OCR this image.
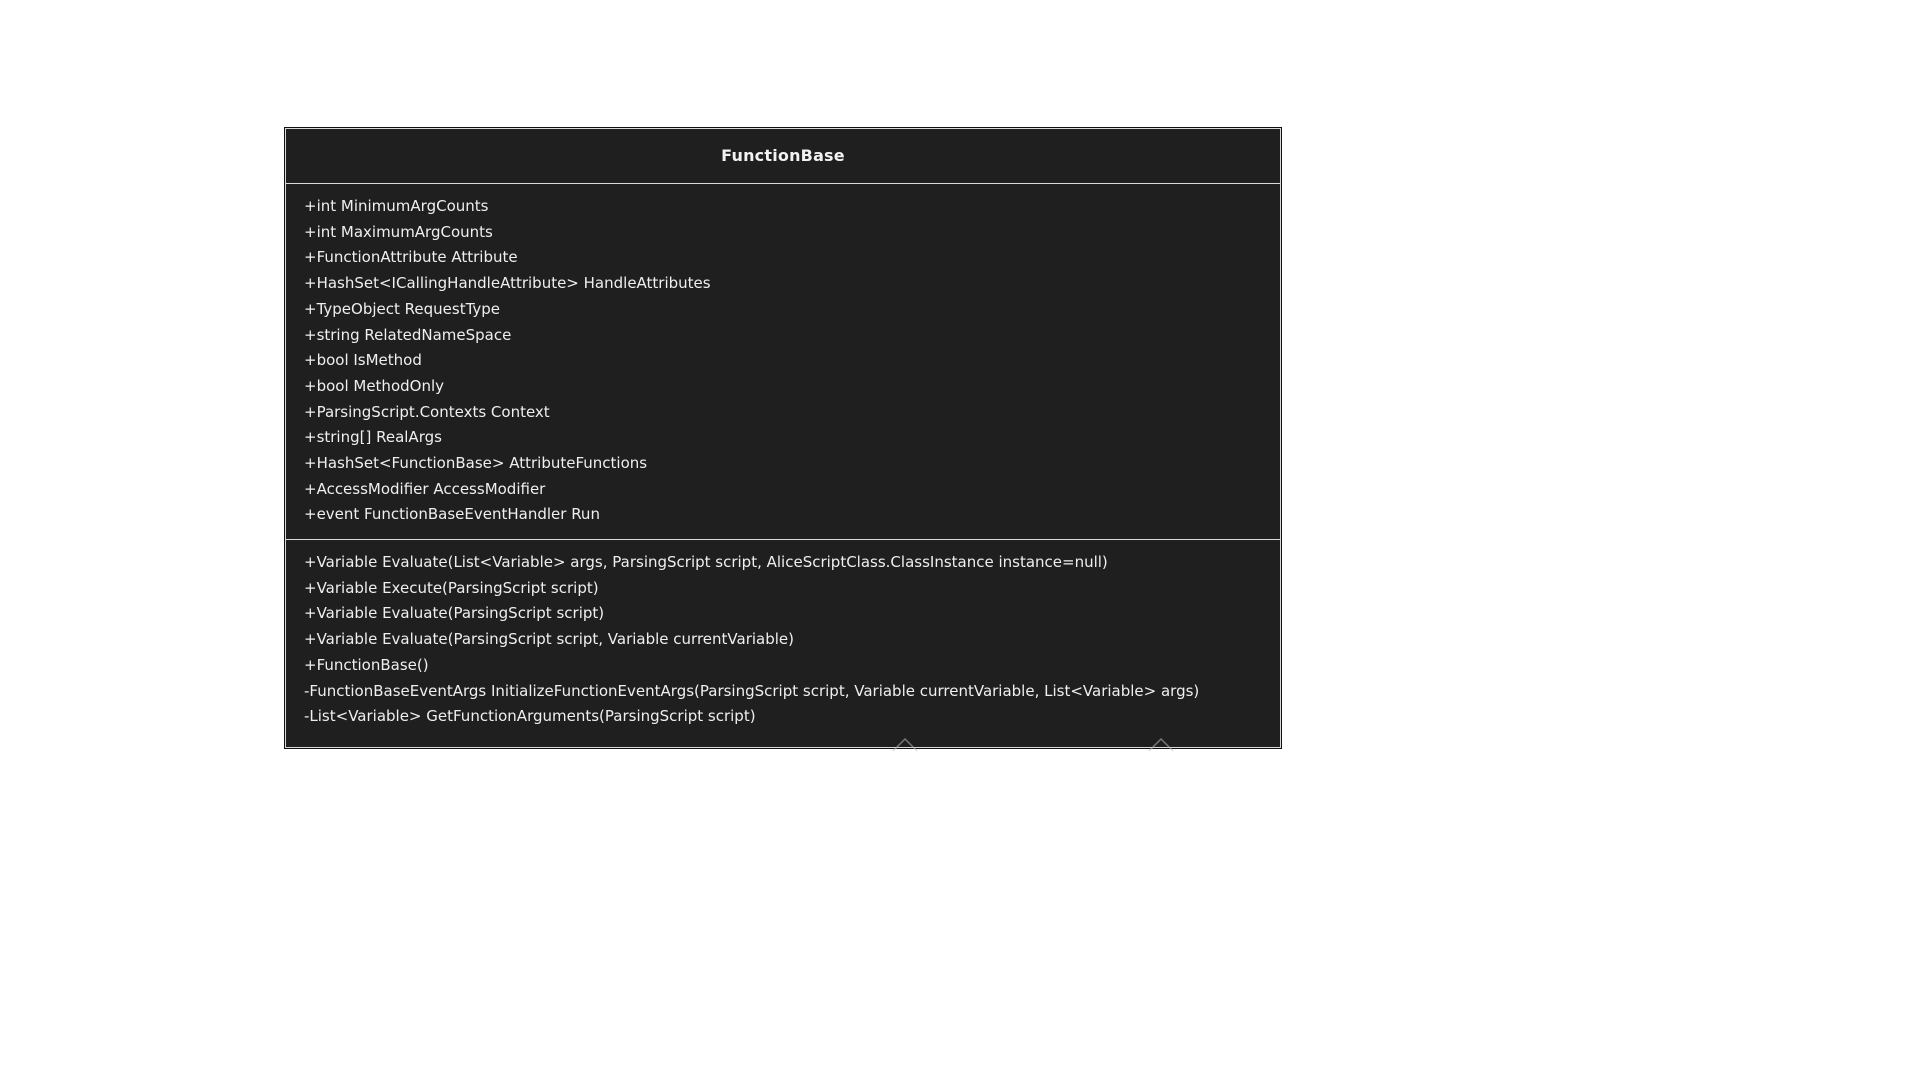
FunctionBase
+int MinimumArgCounts
+int MaximumArgCounts
+FunctionAttribute Attribute
+HashSet<ICallingHandleAttribute> HandleAttributes
+TypeObject RequestType
+string RelatedNameSpace
+bool IsMethod
+bool MethodOnly
+ParsingScript.Contexts Context
+string[] RealArgs
+HashSet<FunctionBase> AttributeFunctions
+AccessModifier AccessModifier
+event FunctionBaseEventHandler Run
+Variable Evaluate(List<Variable> args, ParsingScript script, AliceScriptClass.ClassInstance instance=null)
+Variable Execute(ParsingScript script)
+Variable Evaluate(ParsingScript script)
+Variable Evaluate(ParsingScript script, Variable currentVariable)
+FunctionBase()
-FunctionBaseEventArgs InitializeFunctionEventArgs(ParsingScript script, Variable currentVariable, List<Variable> args)
-List<Variable> GetFunctionArguments(ParsingScript script)
